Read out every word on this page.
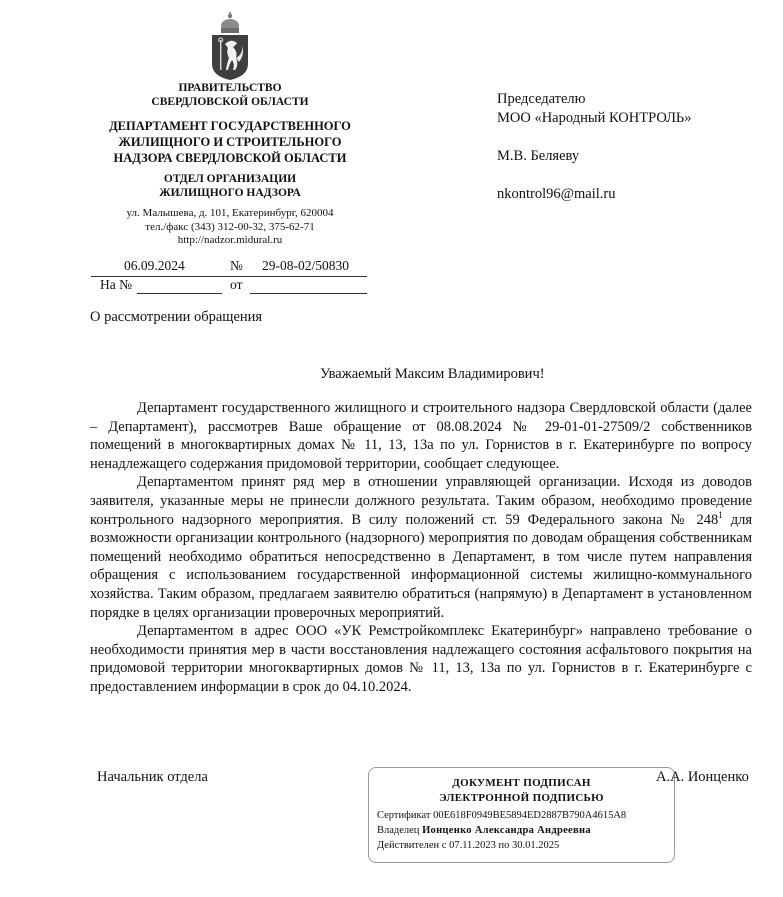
ПРАВИТЕЛЬСТВО
СВЕРДЛОВСКОЙ ОБЛАСТИ
ДЕПАРТАМЕНТ ГОСУДАРСТВЕННОГО
ЖИЛИЩНОГО И СТРОИТЕЛЬНОГО
НАДЗОРА СВЕРДЛОВСКОЙ ОБЛАСТИ
ОТДЕЛ ОРГАНИЗАЦИИ
ЖИЛИЩНОГО НАДЗОРА
ул. Малышева, д. 101, Екатеринбург, 620004
тел./факс (343) 312-00-32, 375-62-71
http://nadzor.midural.ru
06.09.2024	№ 29-08-02/50830
На №	от
Председателю
МОО «Народный КОНТРОЛЬ»
М.В. Беляеву
nkontrol96@mail.ru
О рассмотрении обращения
Уважаемый Максим Владимирович!

Департамент государственного жилищного и строительного надзора Свердловской области (далее – Департамент), рассмотрев Ваше обращение от 08.08.2024 № 29-01-01-27509/2 собственников помещений в многоквартирных домах № 11, 13, 13а по ул. Горнистов в г. Екатеринбурге по вопросу ненадлежащего содержания придомовой территории, сообщает следующее.

Департаментом принят ряд мер в отношении управляющей организации. Исходя из доводов заявителя, указанные меры не принесли должного результата. Таким образом, необходимо проведение контрольного надзорного мероприятия. В силу положений ст. 59 Федерального закона № $248^1$ для возможности организации контрольного (надзорного) мероприятия по доводам обращения собственникам помещений необходимо обратиться непосредственно в Департамент, в том числе путем направления обращения с использованием государственной информационной системы жилищно-коммунального хозяйства. Таким образом, предлагаем заявителю обратиться (напрямую) в Департамент в установленном порядке в целях организации проверочных мероприятий.

Департаментом в адрес ООО «УК Ремстройкомплекс Екатеринбург» направлено требование о необходимости принятия мер в части восстановления надлежащего состояния асфальтового покрытия на придомовой территории многоквартирных домов № 11, 13, 13а по ул. Горнистов в г. Екатеринбурге с предоставлением информации в срок до 04.10.2024.

Начальник отдела	ДОКУМЕНТ ПОДПИСАН
ЭЛЕКТРОННОЙ ПОДПИСЬЮ
Сертификат 00E618F0949BE5894ED2887B790A4615A8
Владелец Ионценко Александра Андреевна
Действителен с 07.11.2023 по 30.01.2025
А.А. Ионценко
